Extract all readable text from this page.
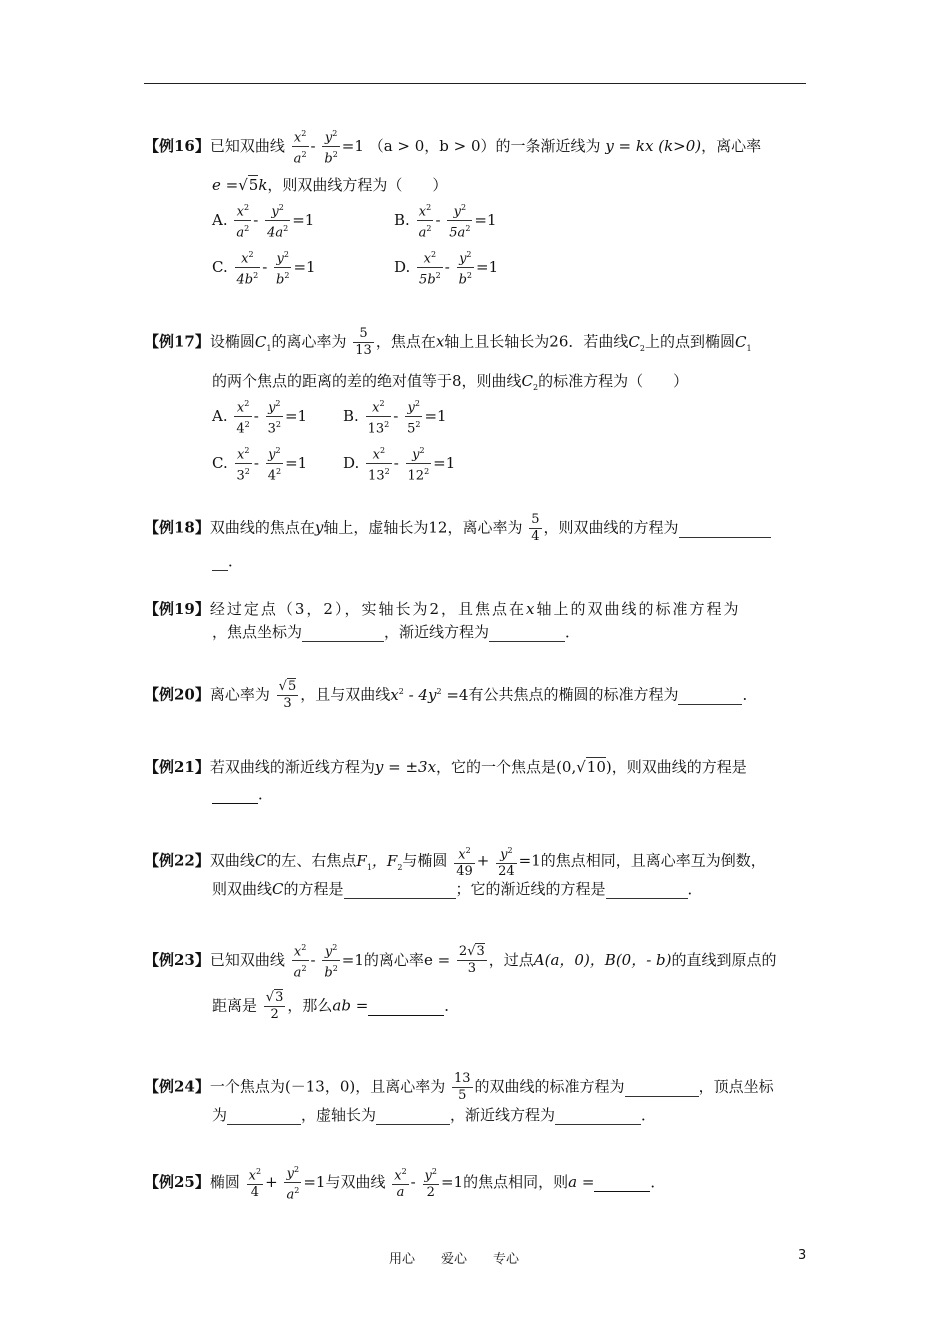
【例16】已知双曲线 $\frac{x^2}{a^2} - \frac{y^2}{b^2} =1$ （a > 0，b > 0）的一条渐近线为 y = kx (k>0)，离心率
e =√5k，则双曲线方程为（　　）
A. $\frac{x^2}{a^2} - \frac{y^2}{4a^2} =1$	B. $\frac{x^2}{a^2} - \frac{y^2}{5a^2} =1$
C. $\frac{x^2}{4b^2} - \frac{y^2}{b^2} =1$	D. $\frac{x^2}{5b^2} - \frac{y^2}{b^2} =1$
【例17】设椭圆$C_1$的离心率为 $\frac{5}{13}$ ，焦点在x轴上且长轴长为26．若曲线$C_2$上的点到椭圆$C_1$
的两个焦点的距离的差的绝对值等于8，则曲线$C_2$的标准方程为（　　）
A. $\frac{x^2}{4^2} - \frac{y^2}{3^2} =1$ B. $\frac{x^2}{13^2} - \frac{y^2}{5^2} =1$
C. $\frac{x^2}{3^2} - \frac{y^2}{4^2} =1$ D. $\frac{x^2}{13^2} - \frac{y^2}{12^2} =1$
【例18】双曲线的焦点在y轴上，虚轴长为12，离心率为 $\frac{5}{4}$ ，则双曲线的方程为
．
【例19】经过定点（3，2），实轴长为2，且焦点在x轴上的双曲线的标准方程为
，焦点坐标为	，渐近线方程为	．
【例20】离心率为 $\frac{√5}{3}$ ，且与双曲线$x^2 - 4y^2 =4$有公共焦点的椭圆的标准方程为	．
【例21】若双曲线的渐近线方程为y = ±3x，它的一个焦点是(0,√10)，则双曲线的方程是
．
【例22】双曲线C的左、右焦点$F_1$，$F_2$与椭圆 $\frac{x^2}{49} + \frac{y^2}{24} =1$的焦点相同，且离心率互为倒数，
则双曲线C的方程是	；它的渐近线的方程是	．
【例23】已知双曲线 $\frac{x^2}{a^2} - \frac{y^2}{b^2} =1$的离心率$e = \frac{2√3}{3}$ ，过点A(a，0)，B(0，- b)的直线到原点的
距离是 $\frac{√3}{2}$ ，那么ab =	．
【例24】一个焦点为(－13，0)，且离心率为 $\frac{13}{5}$ 的双曲线的标准方程为	，顶点坐标
为	，虚轴长为	，渐近线方程为	．
【例25】椭圆 $\frac{x^2}{4} + \frac{y^2}{a^2} =1$与双曲线 $\frac{x^2}{a} - \frac{y^2}{2} =1$的焦点相同，则a =	．
用心 爱心 专心	3
